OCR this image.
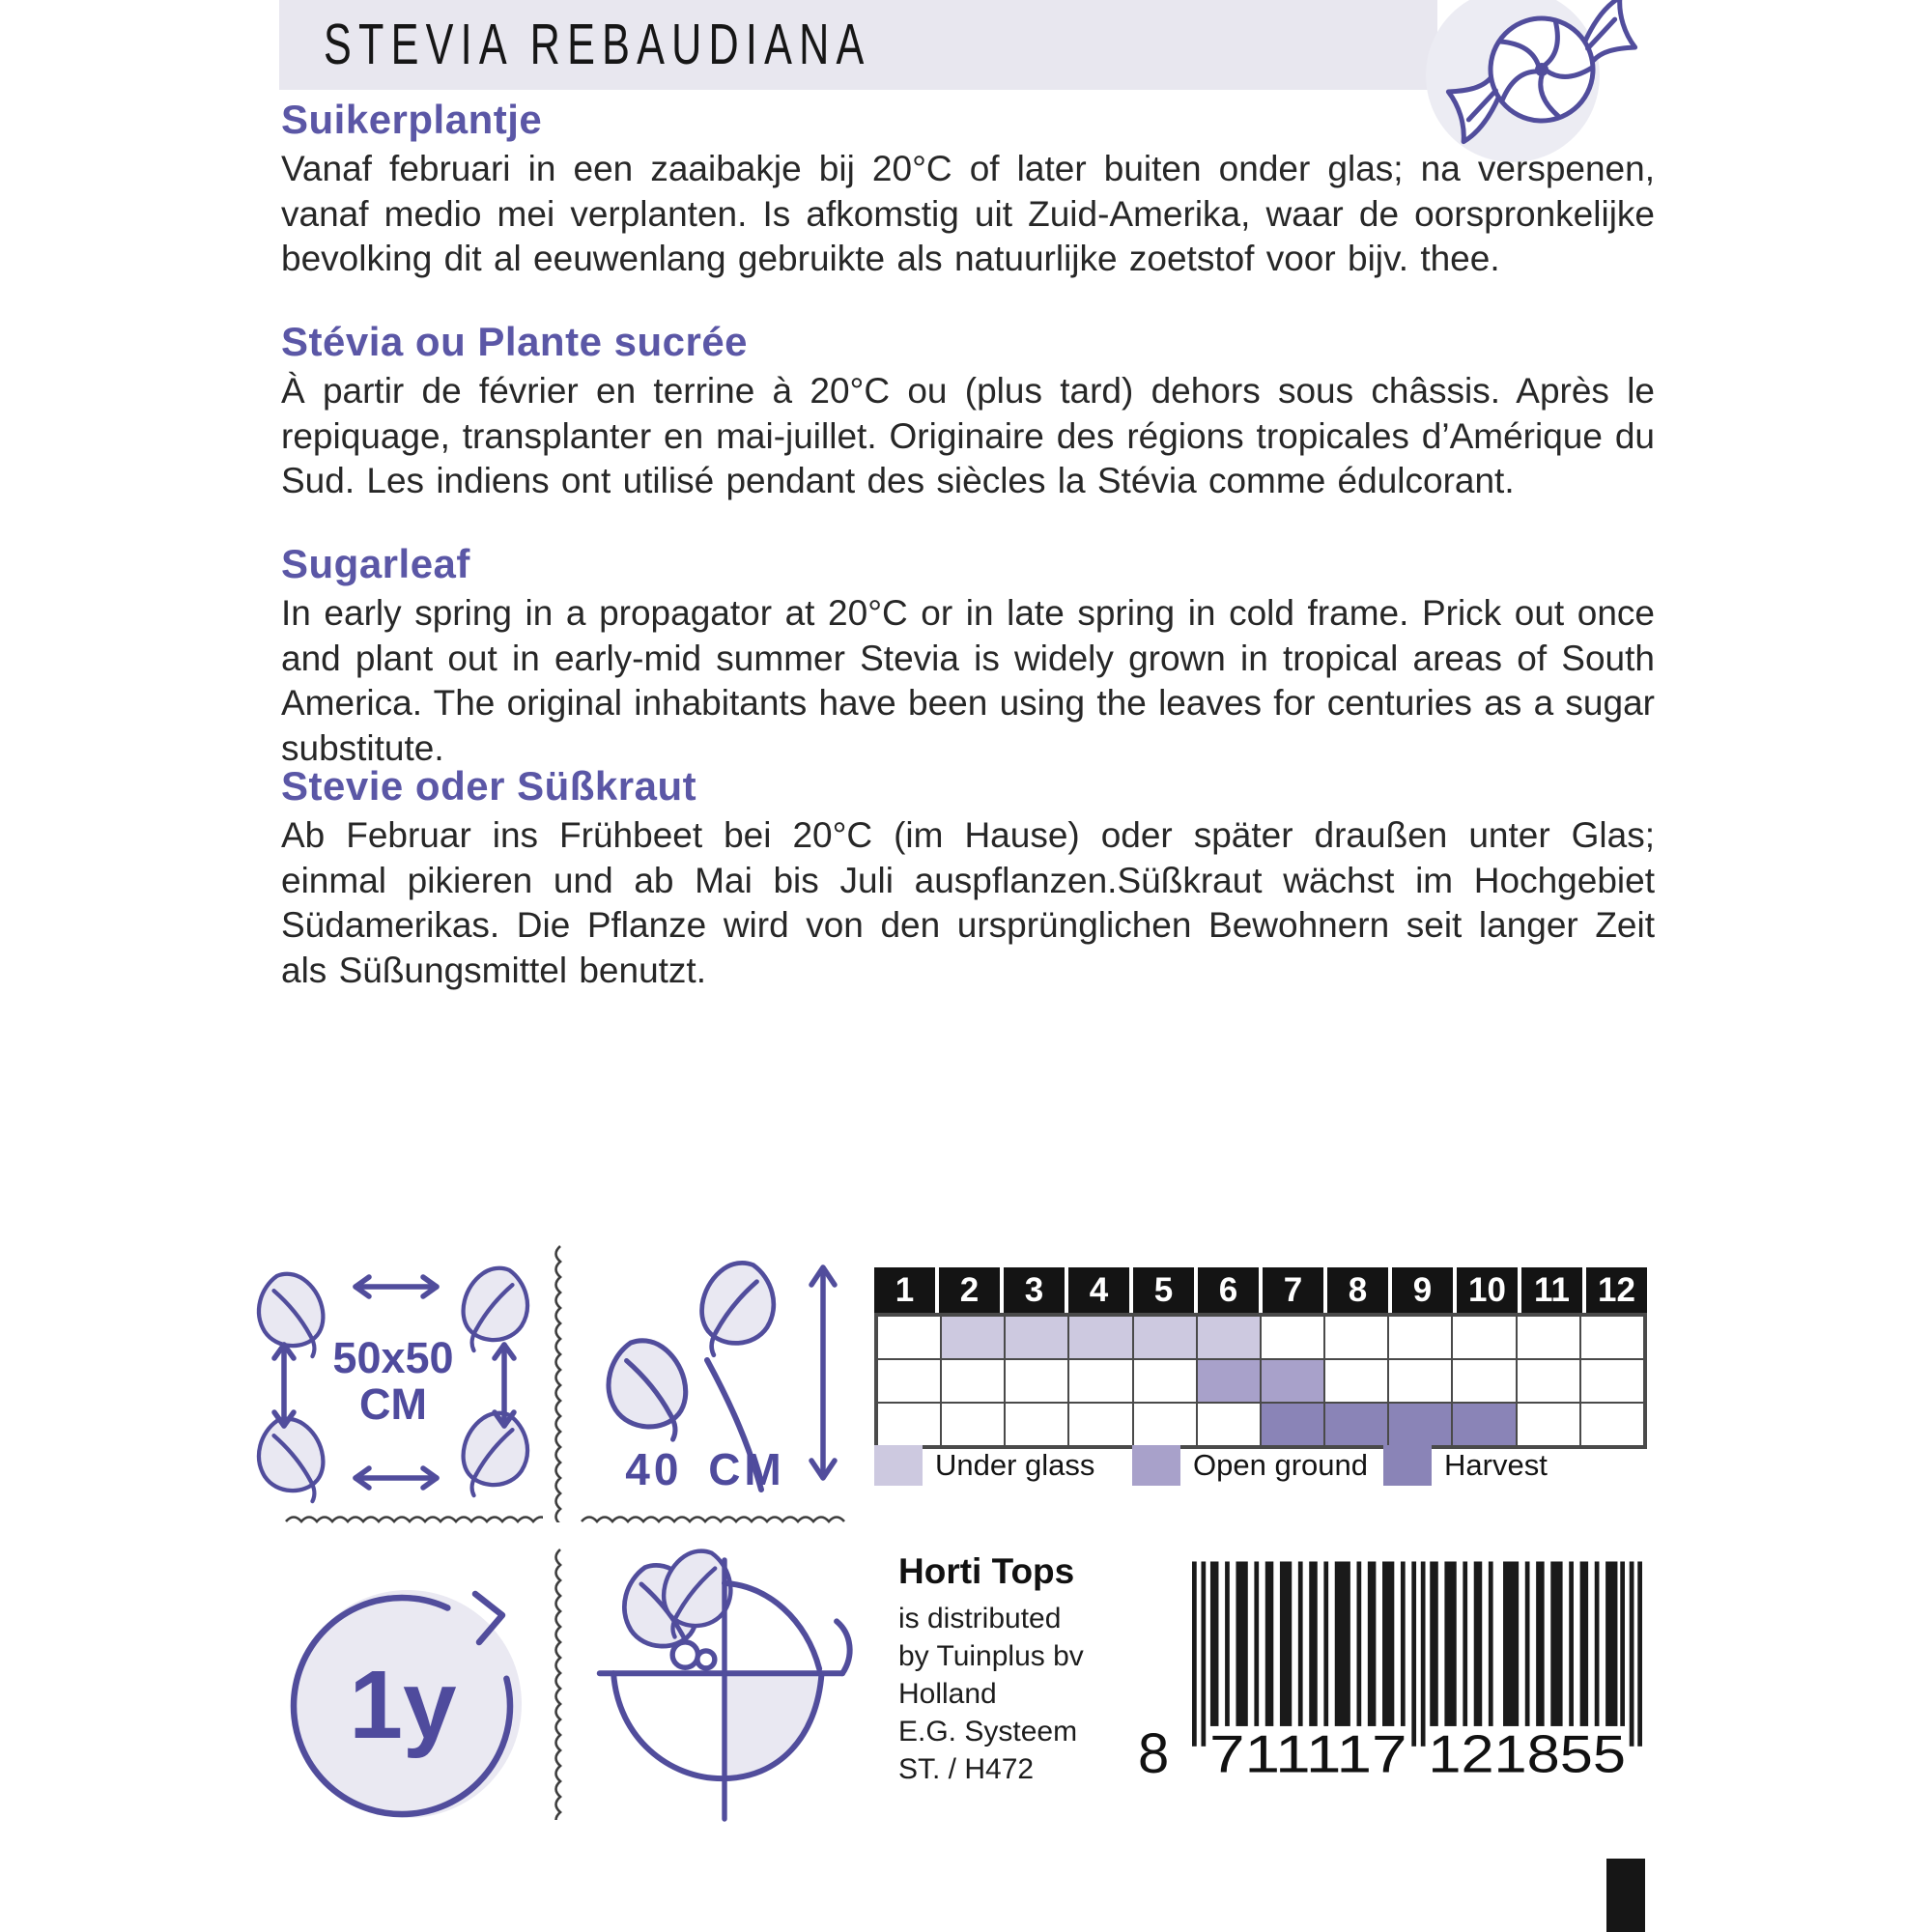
STEVIA REBAUDIANA
Suikerplantje

Vanaf februari in een zaaibakje bij 20°C of later buiten onder glas; na verspenen, vanaf medio mei verplanten. Is afkomstig uit Zuid-Amerika, waar de oorspronkelijke bevolking dit al eeuwenlang gebruikte als natuurlijke zoetstof voor bijv. thee.

Stévia ou Plante sucrée

À partir de février en terrine à 20°C ou (plus tard) dehors sous châssis. Après le repiquage, transplanter en mai-juillet. Originaire des régions tropicales d’Amérique du Sud. Les indiens ont utilisé pendant des siècles la Stévia comme édulcorant.

Sugarleaf

In early spring in a propagator at 20°C or in late spring in cold frame. Prick out once and plant out in early-mid summer Stevia is widely grown in tropical areas of South America. The original inhabitants have been using the leaves for centuries as a sugar substitute.

Stevie oder Süßkraut

Ab Februar ins Frühbeet bei 20°C (im Hause) oder später draußen unter Glas; einmal pikieren und ab Mai bis Juli auspflanzen.Süßkraut wächst im Hochgebiet Südamerikas. Die Pflanze wird von den ursprünglichen Bewohnern seit langer Zeit als Süßungsmittel benutzt.

50x50
CM
40 CM
1y
1	2	3	4	5	6	7	8	9	10 11 12
Under glass	Open ground	Harvest
Horti Tops
is distributed
by Tuinplus bv
Holland
E.G. Systeem
ST. / H472	8 711117 121855
